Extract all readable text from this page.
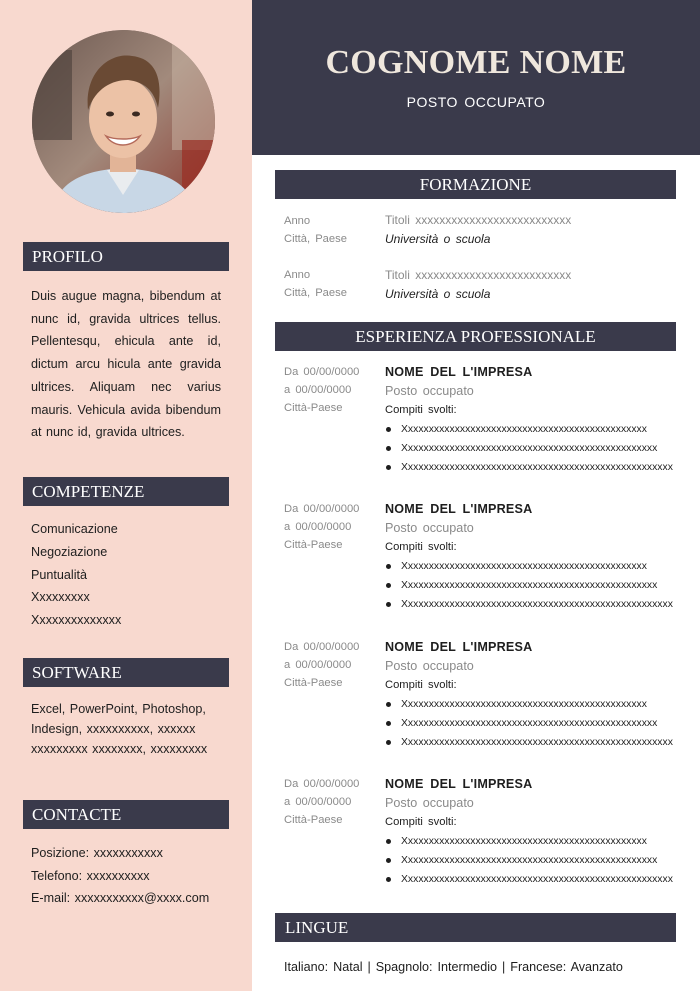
PROFILO
Duis augue magna, bibendum at nunc id, gravida ultrices tellus. Pellentesqu, ehicula ante id, dictum arcu hicula ante gravida ultrices. Aliquam nec varius mauris. Vehicula avida bibendum at nunc id, gravida ultrices.
COMPETENZE
Comunicazione
Negoziazione
Puntualità
Xxxxxxxxx
Xxxxxxxxxxxxxx
SOFTWARE
Excel, PowerPoint, Photoshop, Indesign, xxxxxxxxxx, xxxxxx xxxxxxxxx xxxxxxxx, xxxxxxxxx
CONTACTE
Posizione: xxxxxxxxxxx
Telefono: xxxxxxxxxx
E-mail: xxxxxxxxxxx@xxxx.com
COGNOME NOME
POSTO OCCUPATO
FORMAZIONE
Anno
Città, Paese
Titoli xxxxxxxxxxxxxxxxxxxxxxxxxx
Università o scuola
Anno
Città, Paese
Titoli xxxxxxxxxxxxxxxxxxxxxxxxxx
Università o scuola
ESPERIENZA PROFESSIONALE
Da 00/00/0000
a 00/00/0000
Città-Paese
NOME DEL L'IMPRESA
Posto occupato
Compiti svolti:
Xxxxxxxxxxxxxxxxxxxxxxxxxxxxxxxxxxxxxxxxxxxxxxx
Xxxxxxxxxxxxxxxxxxxxxxxxxxxxxxxxxxxxxxxxxxxxxxxxx
Xxxxxxxxxxxxxxxxxxxxxxxxxxxxxxxxxxxxxxxxxxxxxxxxxxxx
Da 00/00/0000
a 00/00/0000
Città-Paese
NOME DEL L'IMPRESA
Posto occupato
Compiti svolti:
Xxxxxxxxxxxxxxxxxxxxxxxxxxxxxxxxxxxxxxxxxxxxxxx
Xxxxxxxxxxxxxxxxxxxxxxxxxxxxxxxxxxxxxxxxxxxxxxxxx
Xxxxxxxxxxxxxxxxxxxxxxxxxxxxxxxxxxxxxxxxxxxxxxxxxxxx
Da 00/00/0000
a 00/00/0000
Città-Paese
NOME DEL L'IMPRESA
Posto occupato
Compiti svolti:
Xxxxxxxxxxxxxxxxxxxxxxxxxxxxxxxxxxxxxxxxxxxxxxx
Xxxxxxxxxxxxxxxxxxxxxxxxxxxxxxxxxxxxxxxxxxxxxxxxx
Xxxxxxxxxxxxxxxxxxxxxxxxxxxxxxxxxxxxxxxxxxxxxxxxxxxx
Da 00/00/0000
a 00/00/0000
Città-Paese
NOME DEL L'IMPRESA
Posto occupato
Compiti svolti:
Xxxxxxxxxxxxxxxxxxxxxxxxxxxxxxxxxxxxxxxxxxxxxxx
Xxxxxxxxxxxxxxxxxxxxxxxxxxxxxxxxxxxxxxxxxxxxxxxxx
Xxxxxxxxxxxxxxxxxxxxxxxxxxxxxxxxxxxxxxxxxxxxxxxxxxxx
LINGUE
Italiano: Natal | Spagnolo: Intermedio | Francese: Avanzato
